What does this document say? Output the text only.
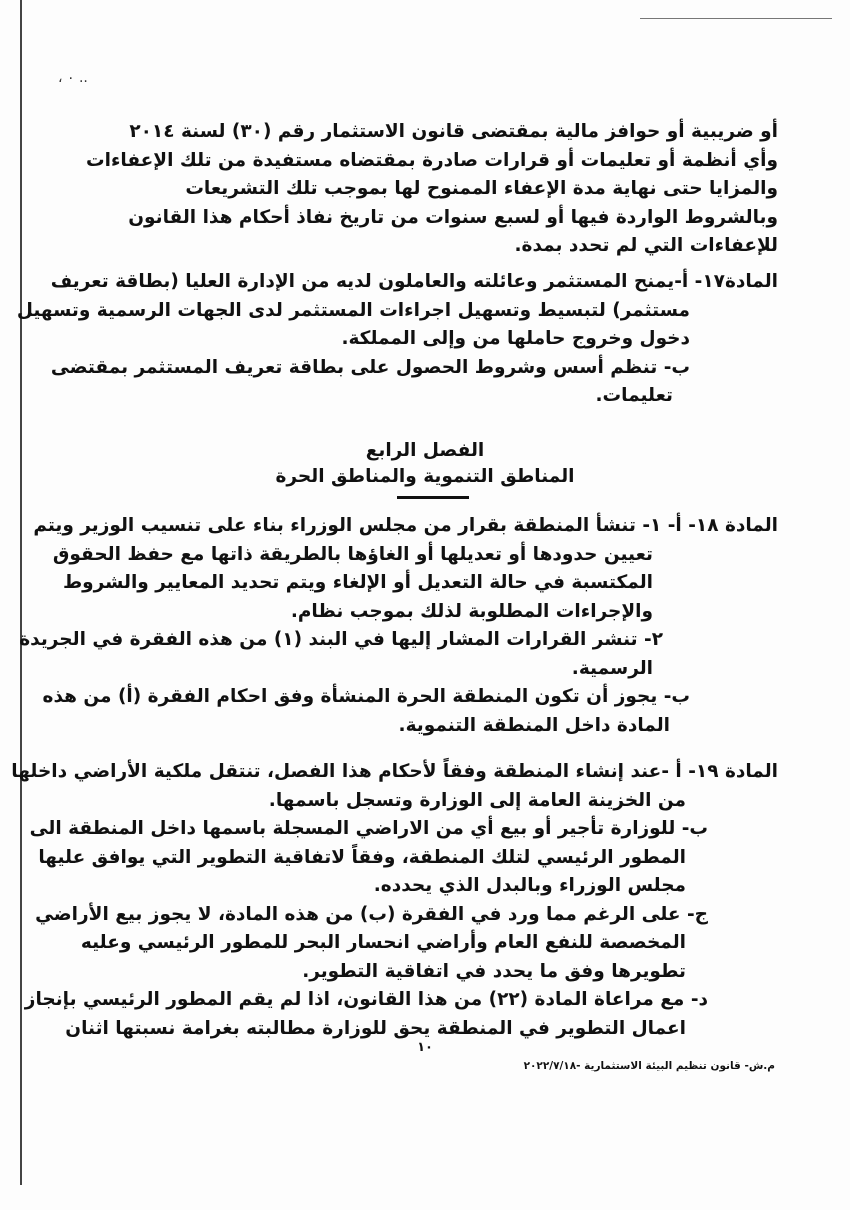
، ٠ ..
أو ضريبية أو حوافز مالية بمقتضى قانون الاستثمار رقم (٣٠) لسنة ٢٠١٤
وأي أنظمة أو تعليمات أو قرارات صادرة بمقتضاه مستفيدة من تلك الإعفاءات
والمزايا حتى نهاية مدة الإعفاء الممنوح لها بموجب تلك التشريعات
وبالشروط الواردة فيها أو لسبع سنوات من تاريخ نفاذ أحكام هذا القانون
للإعفاءات التي لم تحدد بمدة.
المادة١٧- أ-يمنح المستثمر وعائلته والعاملون لديه من الإدارة العليا (بطاقة تعريف
مستثمر) لتبسيط وتسهيل اجراءات المستثمر لدى الجهات الرسمية وتسهيل
دخول وخروج حاملها من وإلى المملكة.
ب- تنظم أسس وشروط الحصول على بطاقة تعريف المستثمر بمقتضى
تعليمات.
الفصل الرابع
المناطق التنموية والمناطق الحرة
المادة ١٨- أ- ١- تنشأ المنطقة بقرار من مجلس الوزراء بناء على تنسيب الوزير ويتم
تعيين حدودها أو تعديلها أو الغاؤها بالطريقة ذاتها مع حفظ الحقوق
المكتسبة في حالة التعديل أو الإلغاء ويتم تحديد المعايير والشروط
والإجراءات المطلوبة لذلك بموجب نظام.
٢- تنشر القرارات المشار إليها في البند (١) من هذه الفقرة في الجريدة
الرسمية.
ب- يجوز أن تكون المنطقة الحرة المنشأة وفق احكام الفقرة (أ) من هذه
المادة داخل المنطقة التنموية.
المادة ١٩- أ -عند إنشاء المنطقة وفقاً لأحكام هذا الفصل، تنتقل ملكية الأراضي داخلها
من الخزينة العامة إلى الوزارة وتسجل باسمها.
ب- للوزارة تأجير أو بيع أي من الاراضي المسجلة باسمها داخل المنطقة الى
المطور الرئيسي لتلك المنطقة، وفقاً لاتفاقية التطوير التي يوافق عليها
مجلس الوزراء وبالبدل الذي يحدده.
ج- على الرغم مما ورد في الفقرة (ب) من هذه المادة، لا يجوز بيع الأراضي
المخصصة للنفع العام وأراضي انحسار البحر للمطور الرئيسي وعليه
تطويرها وفق ما يحدد في اتفاقية التطوير.
د- مع مراعاة المادة (٢٢) من هذا القانون، اذا لم يقم المطور الرئيسي بإنجاز
اعمال التطوير في المنطقة يحق للوزارة مطالبته بغرامة نسبتها اثنان
١٠
م.ش- قانون تنظيم البيئة الاستثمارية -٢٠٢٢/٧/١٨
